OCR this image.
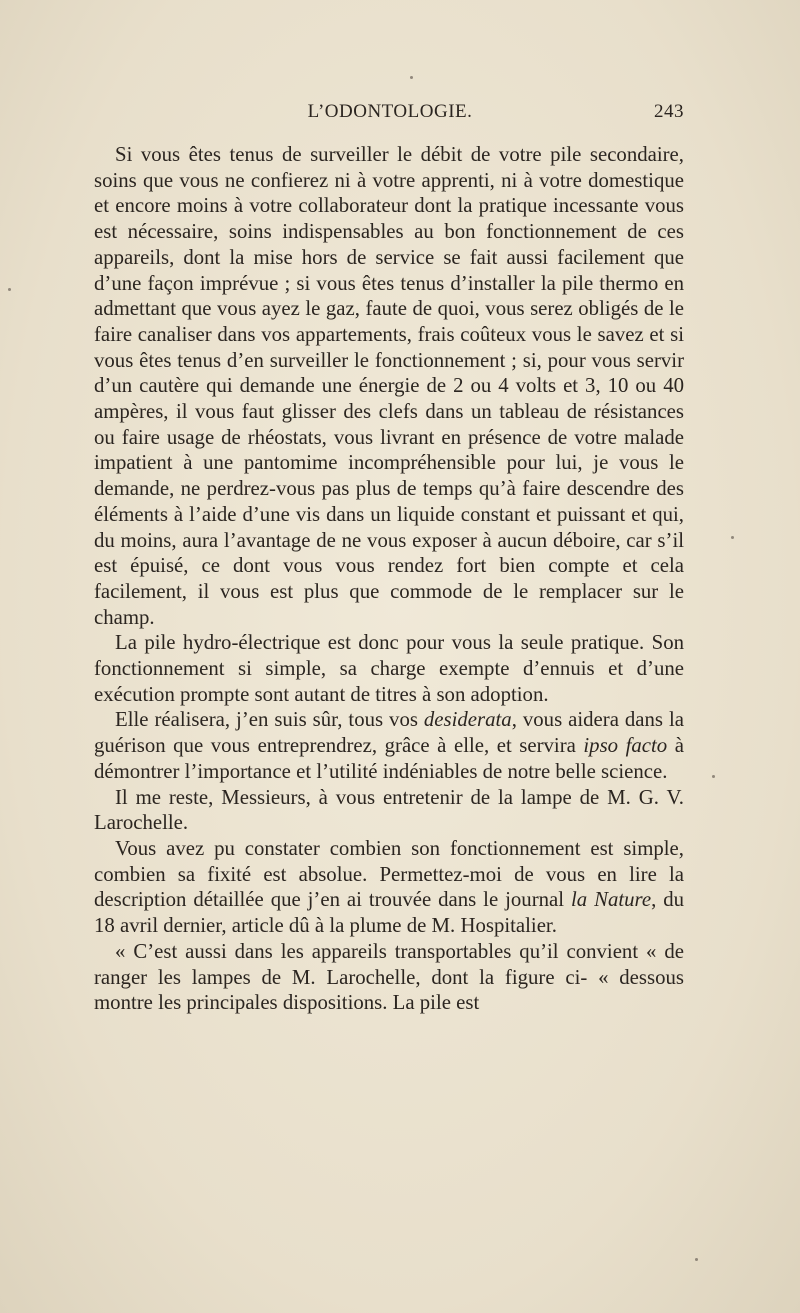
L’ODONTOLOGIE.	243

Si vous êtes tenus de surveiller le débit de votre pile secondaire, soins que vous ne confierez ni à votre apprenti, ni à votre domestique et encore moins à votre collaborateur dont la pratique incessante vous est nécessaire, soins indispensables au bon fonctionnement de ces appareils, dont la mise hors de service se fait aussi facilement que d’une façon imprévue ; si vous êtes tenus d’installer la pile thermo en admettant que vous ayez le gaz, faute de quoi, vous serez obligés de le faire canaliser dans vos appartements, frais coûteux vous le savez et si vous êtes tenus d’en surveiller le fonctionnement ; si, pour vous servir d’un cautère qui demande une énergie de 2 ou 4 volts et 3, 10 ou 40 ampères, il vous faut glisser des clefs dans un tableau de résistances ou faire usage de rhéostats, vous livrant en présence de votre malade impatient à une pantomime incompréhensible pour lui, je vous le demande, ne perdrez-vous pas plus de temps qu’à faire descendre des éléments à l’aide d’une vis dans un liquide constant et puissant et qui, du moins, aura l’avantage de ne vous exposer à aucun déboire, car s’il est épuisé, ce dont vous vous rendez fort bien compte et cela facilement, il vous est plus que commode de le remplacer sur le champ.

La pile hydro-électrique est donc pour vous la seule pratique. Son fonctionnement si simple, sa charge exempte d’ennuis et d’une exécution prompte sont autant de titres à son adoption.

Elle réalisera, j’en suis sûr, tous vos desiderata, vous aidera dans la guérison que vous entreprendrez, grâce à elle, et servira ipso facto à démontrer l’importance et l’utilité indéniables de notre belle science.

Il me reste, Messieurs, à vous entretenir de la lampe de M. G. V. Larochelle.

Vous avez pu constater combien son fonctionnement est simple, combien sa fixité est absolue. Permettez-moi de vous en lire la description détaillée que j’en ai trouvée dans le journal la Nature, du 18 avril dernier, article dû à la plume de M. Hospitalier.

« C’est aussi dans les appareils transportables qu’il convient « de ranger les lampes de M. Larochelle, dont la figure ci- « dessous montre les principales dispositions. La pile est
